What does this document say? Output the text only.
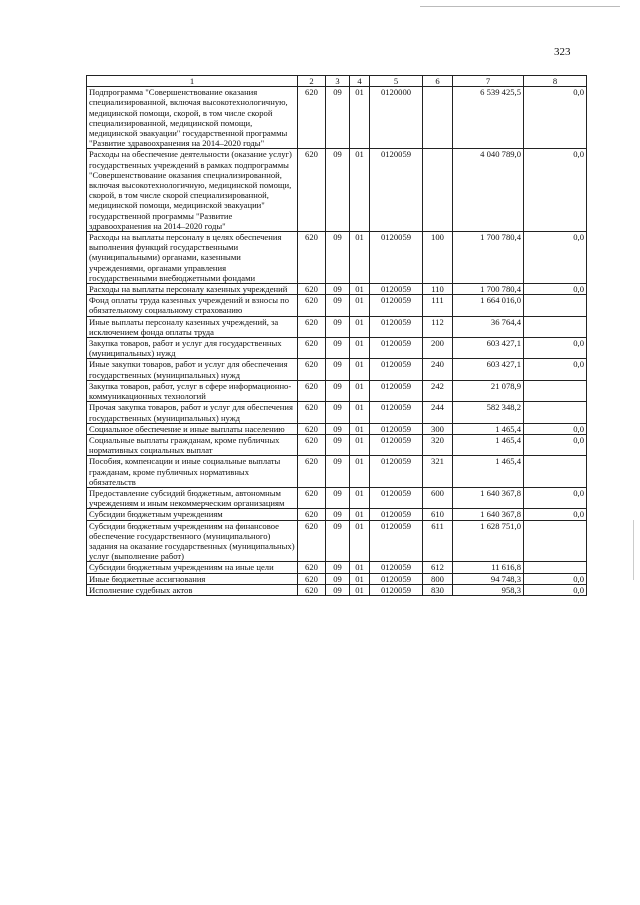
323
1	2	3	4	5	6	7	8
Подпрограмма "Совершенствование оказания специализированной, включая высокотехнологичную, медицинской помощи, скорой, в том числе скорой специализированной, медицинской помощи, медицинской эвакуации" государственной программы "Развитие здравоохранения на 2014–2020 годы"	620	09	01	0120000		6 539 425,5	0,0
Расходы на обеспечение деятельности (оказание услуг) государственных учреждений в рамках подпрограммы "Совершенствование оказания специализированной, включая высокотехнологичную, медицинской помощи, скорой, в том числе скорой специализированной, медицинской помощи, медицинской эвакуации" государственной программы "Развитие здравоохранения на 2014–2020 годы"	620	09	01	0120059		4 040 789,0	0,0
Расходы на выплаты персоналу в целях обеспечения выполнения функций государственными (муниципальными) органами, казенными учреждениями, органами управления государственными внебюджетными фондами	620	09	01	0120059	100	1 700 780,4	0,0
Расходы на выплаты персоналу казенных учреждений	620	09	01	0120059	110	1 700 780,4	0,0
Фонд оплаты труда казенных учреждений и взносы по обязательному социальному страхованию	620	09	01	0120059	111	1 664 016,0	
Иные выплаты персоналу казенных учреждений, за исключением фонда оплаты труда	620	09	01	0120059	112	36 764,4	
Закупка товаров, работ и услуг для государственных (муниципальных) нужд	620	09	01	0120059	200	603 427,1	0,0
Иные закупки товаров, работ и услуг для обеспечения государственных (муниципальных) нужд	620	09	01	0120059	240	603 427,1	0,0
Закупка товаров, работ, услуг в сфере информационно-коммуникационных технологий	620	09	01	0120059	242	21 078,9	
Прочая закупка товаров, работ и услуг для обеспечения государственных (муниципальных) нужд	620	09	01	0120059	244	582 348,2	
Социальное обеспечение и иные выплаты населению	620	09	01	0120059	300	1 465,4	0,0
Социальные выплаты гражданам, кроме публичных нормативных социальных выплат	620	09	01	0120059	320	1 465,4	0,0
Пособия, компенсации и иные социальные выплаты гражданам, кроме публичных нормативных обязательств	620	09	01	0120059	321	1 465,4	
Предоставление субсидий бюджетным, автономным учреждениям и иным некоммерческим организациям	620	09	01	0120059	600	1 640 367,8	0,0
Субсидии бюджетным учреждениям	620	09	01	0120059	610	1 640 367,8	0,0
Субсидии бюджетным учреждениям на финансовое обеспечение государственного (муниципального) задания на оказание государственных (муниципальных) услуг (выполнение работ)	620	09	01	0120059	611	1 628 751,0	
Субсидии бюджетным учреждениям на иные цели	620	09	01	0120059	612	11 616,8	
Иные бюджетные ассигнования	620	09	01	0120059	800	94 748,3	0,0
Исполнение судебных актов	620	09	01	0120059	830	958,3	0,0
